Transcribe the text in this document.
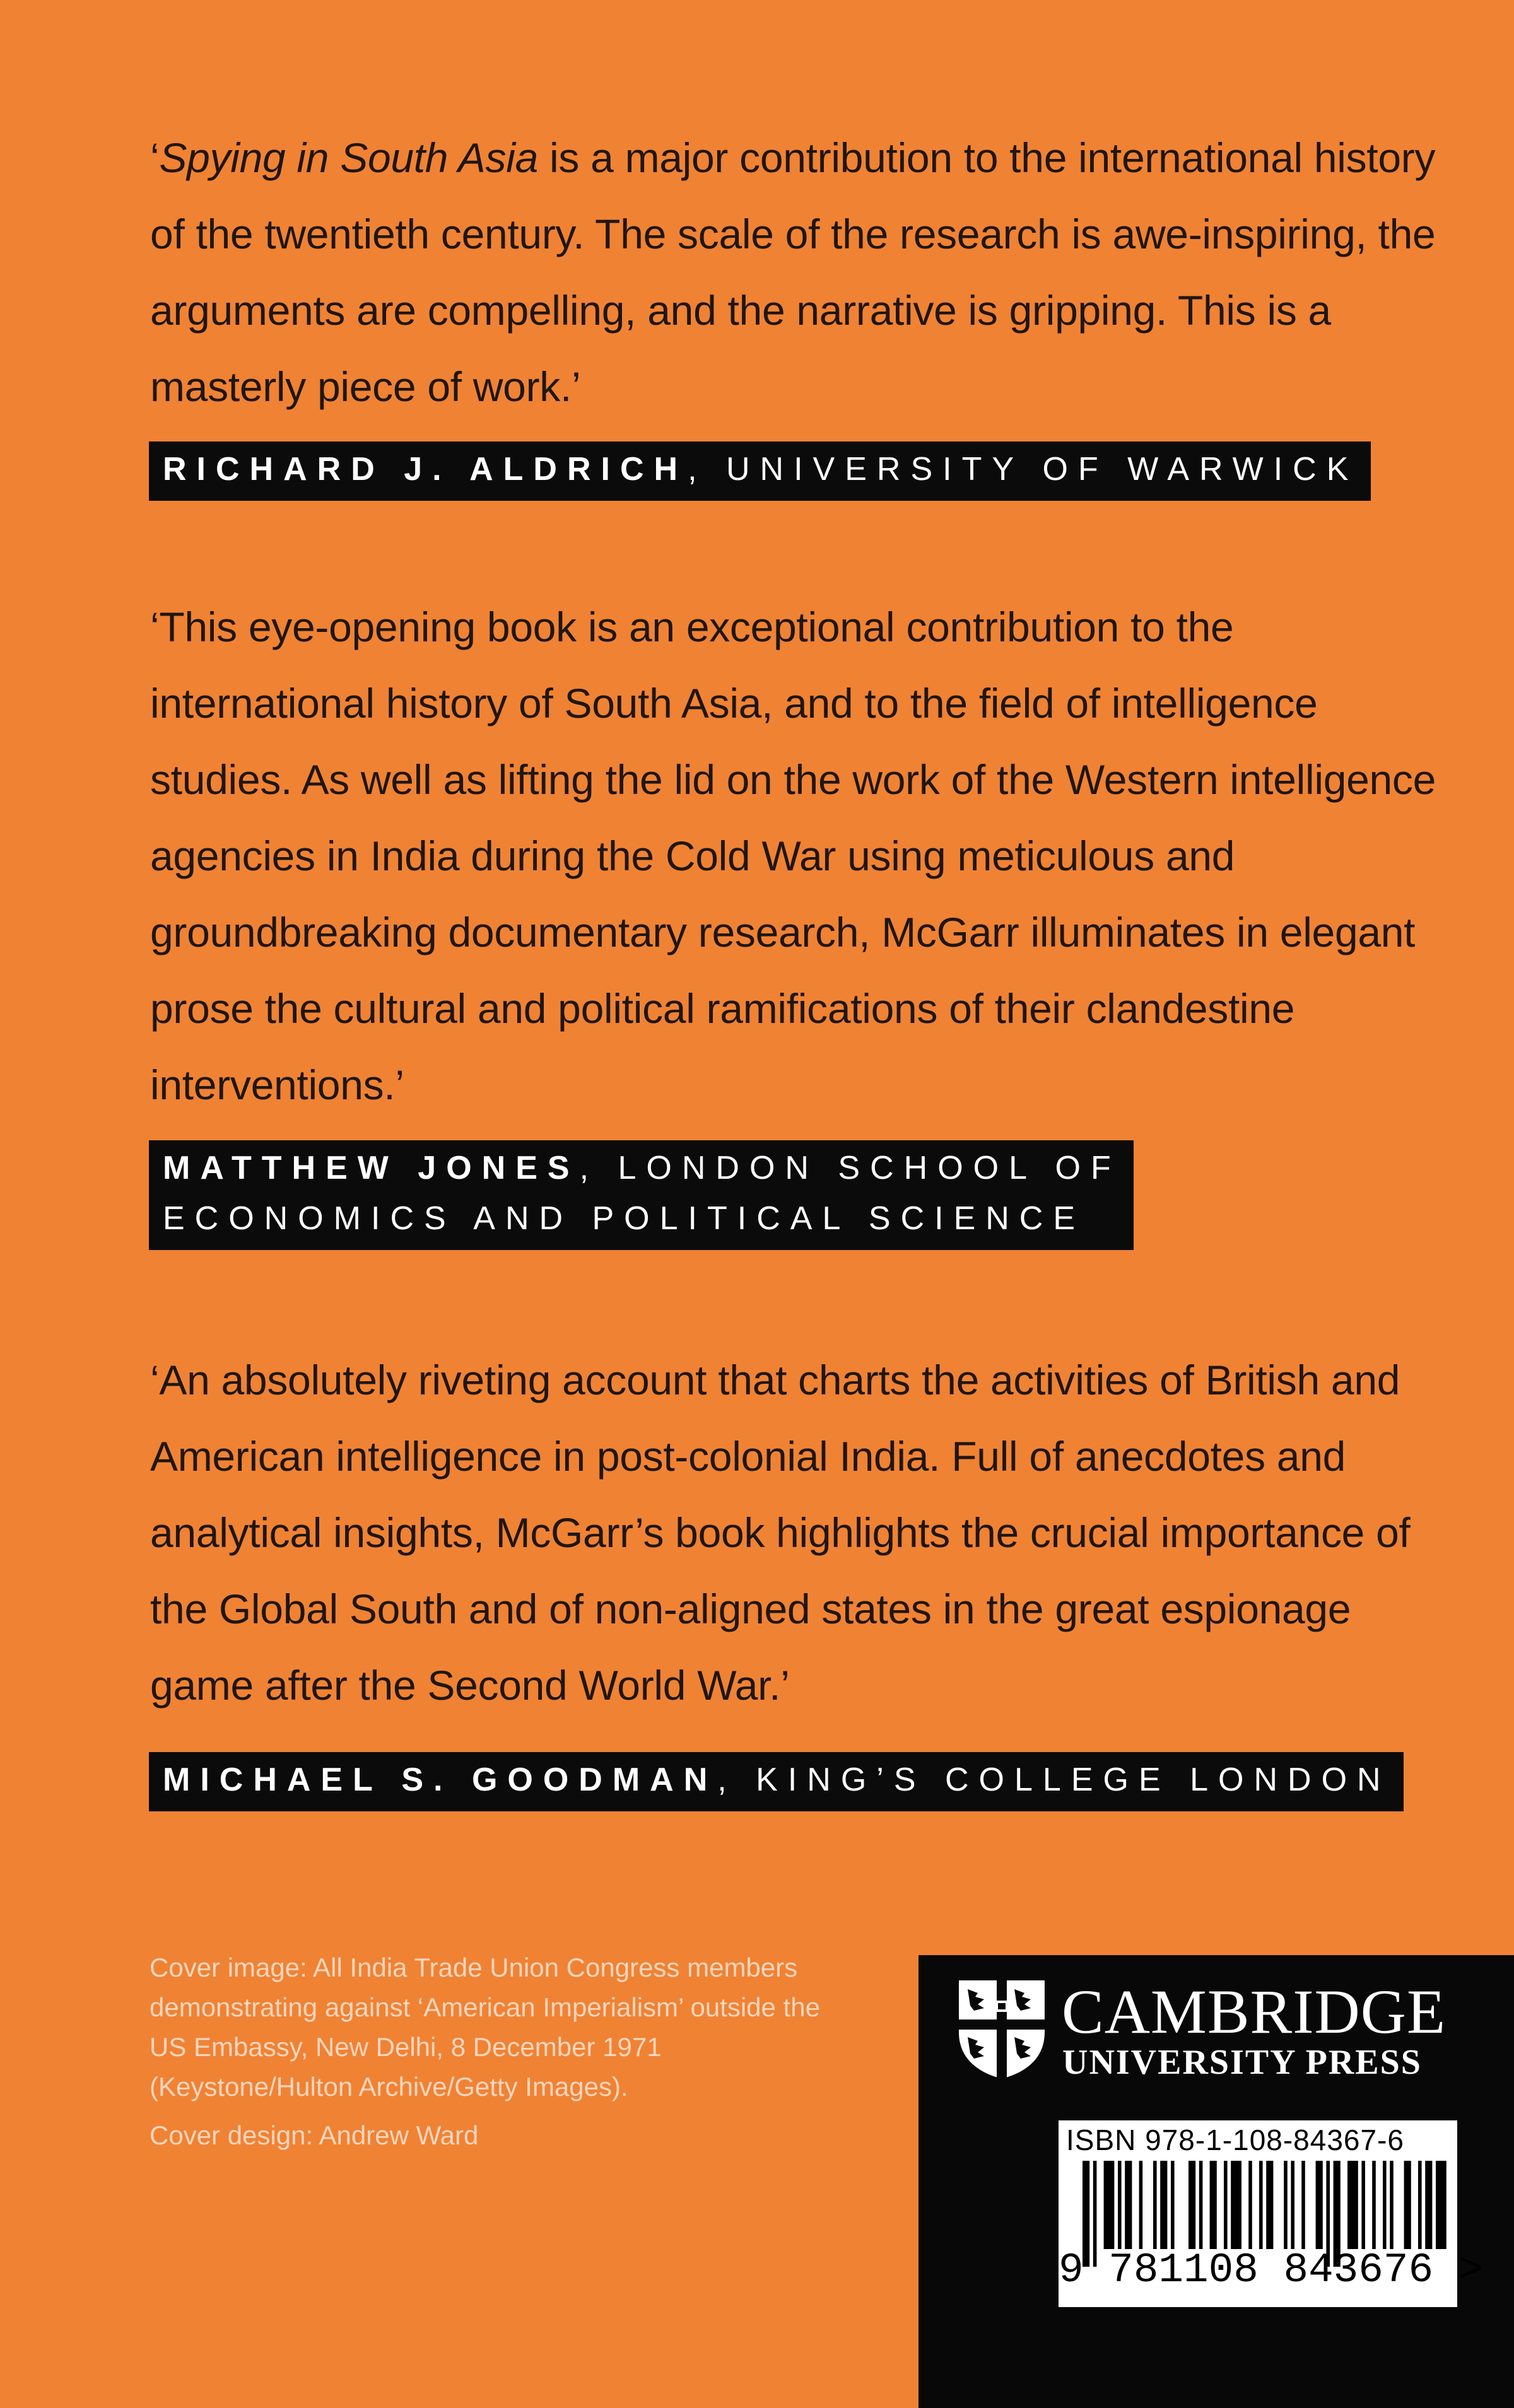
‘Spying in South Asia is a major contribution to the international history of the twentieth century. The scale of the research is awe-inspiring, the arguments are compelling, and the narrative is gripping. This is a masterly piece of work.’

RICHARD J. ALDRICH, UNIVERSITY OF WARWICK

‘This eye-opening book is an exceptional contribution to the international history of South Asia, and to the field of intelligence studies. As well as lifting the lid on the work of the Western intelligence agencies in India during the Cold War using meticulous and groundbreaking documentary research, McGarr illuminates in elegant prose the cultural and political ramifications of their clandestine interventions.’

MATTHEW JONES, LONDON SCHOOL OF
ECONOMICS AND POLITICAL SCIENCE

‘An absolutely riveting account that charts the activities of British and American intelligence in post-colonial India. Full of anecdotes and analytical insights, McGarr’s book highlights the crucial importance of the Global South and of non-aligned states in the great espionage game after the Second World War.’

MICHAEL S. GOODMAN, KING’S COLLEGE LONDON

Cover image: All India Trade Union Congress members demonstrating against ‘American Imperialism’ outside the US Embassy, New Delhi, 8 December 1971 (Keystone/Hulton Archive/Getty Images).

Cover design: Andrew Ward

CAMBRIDGE
UNIVERSITY PRESS
ISBN 978-1-108-84367-6
9 781108 843676 >
